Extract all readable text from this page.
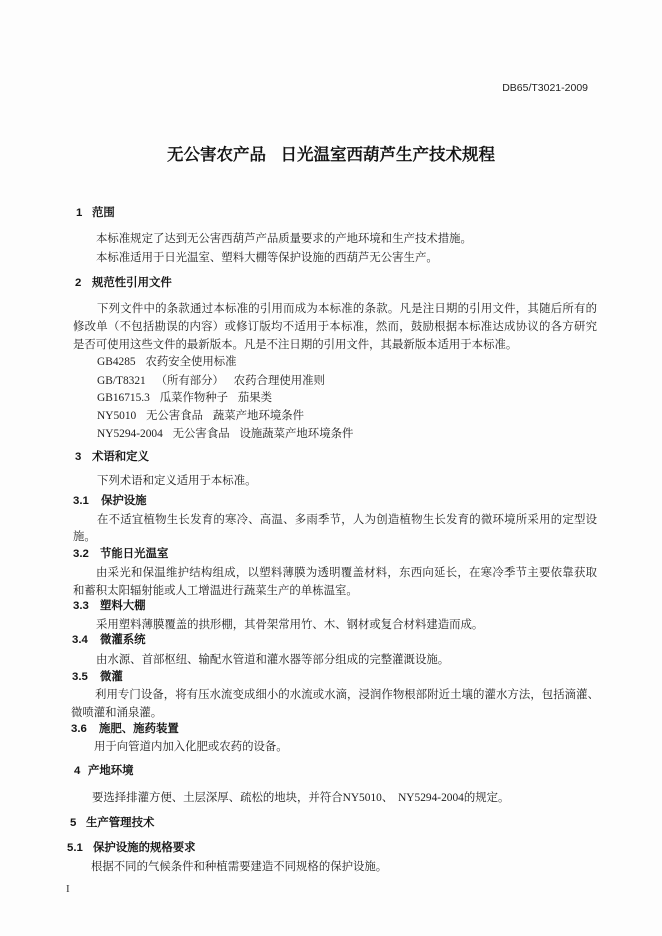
DB65/T3021-2009
无公害农产品 日光温室西葫芦生产技术规程
1 范围
本标准规定了达到无公害西葫芦产品质量要求的产地环境和生产技术措施。
本标准适用于日光温室、塑料大棚等保护设施的西葫芦无公害生产。
2 规范性引用文件
下列文件中的条款通过本标准的引用而成为本标准的条款。凡是注日期的引用文件，其随后所有的
修改单（不包括勘误的内容）或修订版均不适用于本标准，然而，鼓励根据本标准达成协议的各方研究
是否可使用这些文件的最新版本。凡是不注日期的引用文件，其最新版本适用于本标准。
GB4285 农药安全使用标准
GB/T8321 （所有部分） 农药合理使用准则
GB16715.3 瓜菜作物种子 茄果类
NY5010 无公害食品 蔬菜产地环境条件
NY5294-2004 无公害食品 设施蔬菜产地环境条件
3 术语和定义
下列术语和定义适用于本标准。
3.1 保护设施
在不适宜植物生长发育的寒冷、高温、多雨季节，人为创造植物生长发育的微环境所采用的定型设
施。
3.2 节能日光温室
由采光和保温维护结构组成，以塑料薄膜为透明覆盖材料，东西向延长，在寒冷季节主要依靠获取
和蓄积太阳辐射能或人工增温进行蔬菜生产的单栋温室。
3.3 塑料大棚
采用塑料薄膜覆盖的拱形棚，其骨架常用竹、木、钢材或复合材料建造而成。
3.4 微灌系统
由水源、首部枢纽、输配水管道和灌水器等部分组成的完整灌溉设施。
3.5 微灌
利用专门设备，将有压水流变成细小的水流或水滴，浸润作物根部附近土壤的灌水方法，包括滴灌、
微喷灌和涌泉灌。
3.6 施肥、施药装置
用于向管道内加入化肥或农药的设备。
4 产地环境
要选择排灌方便、土层深厚、疏松的地块，并符合NY5010、 NY5294-2004的规定。
5 生产管理技术
5.1 保护设施的规格要求
根据不同的气候条件和种植需要建造不同规格的保护设施。
I
